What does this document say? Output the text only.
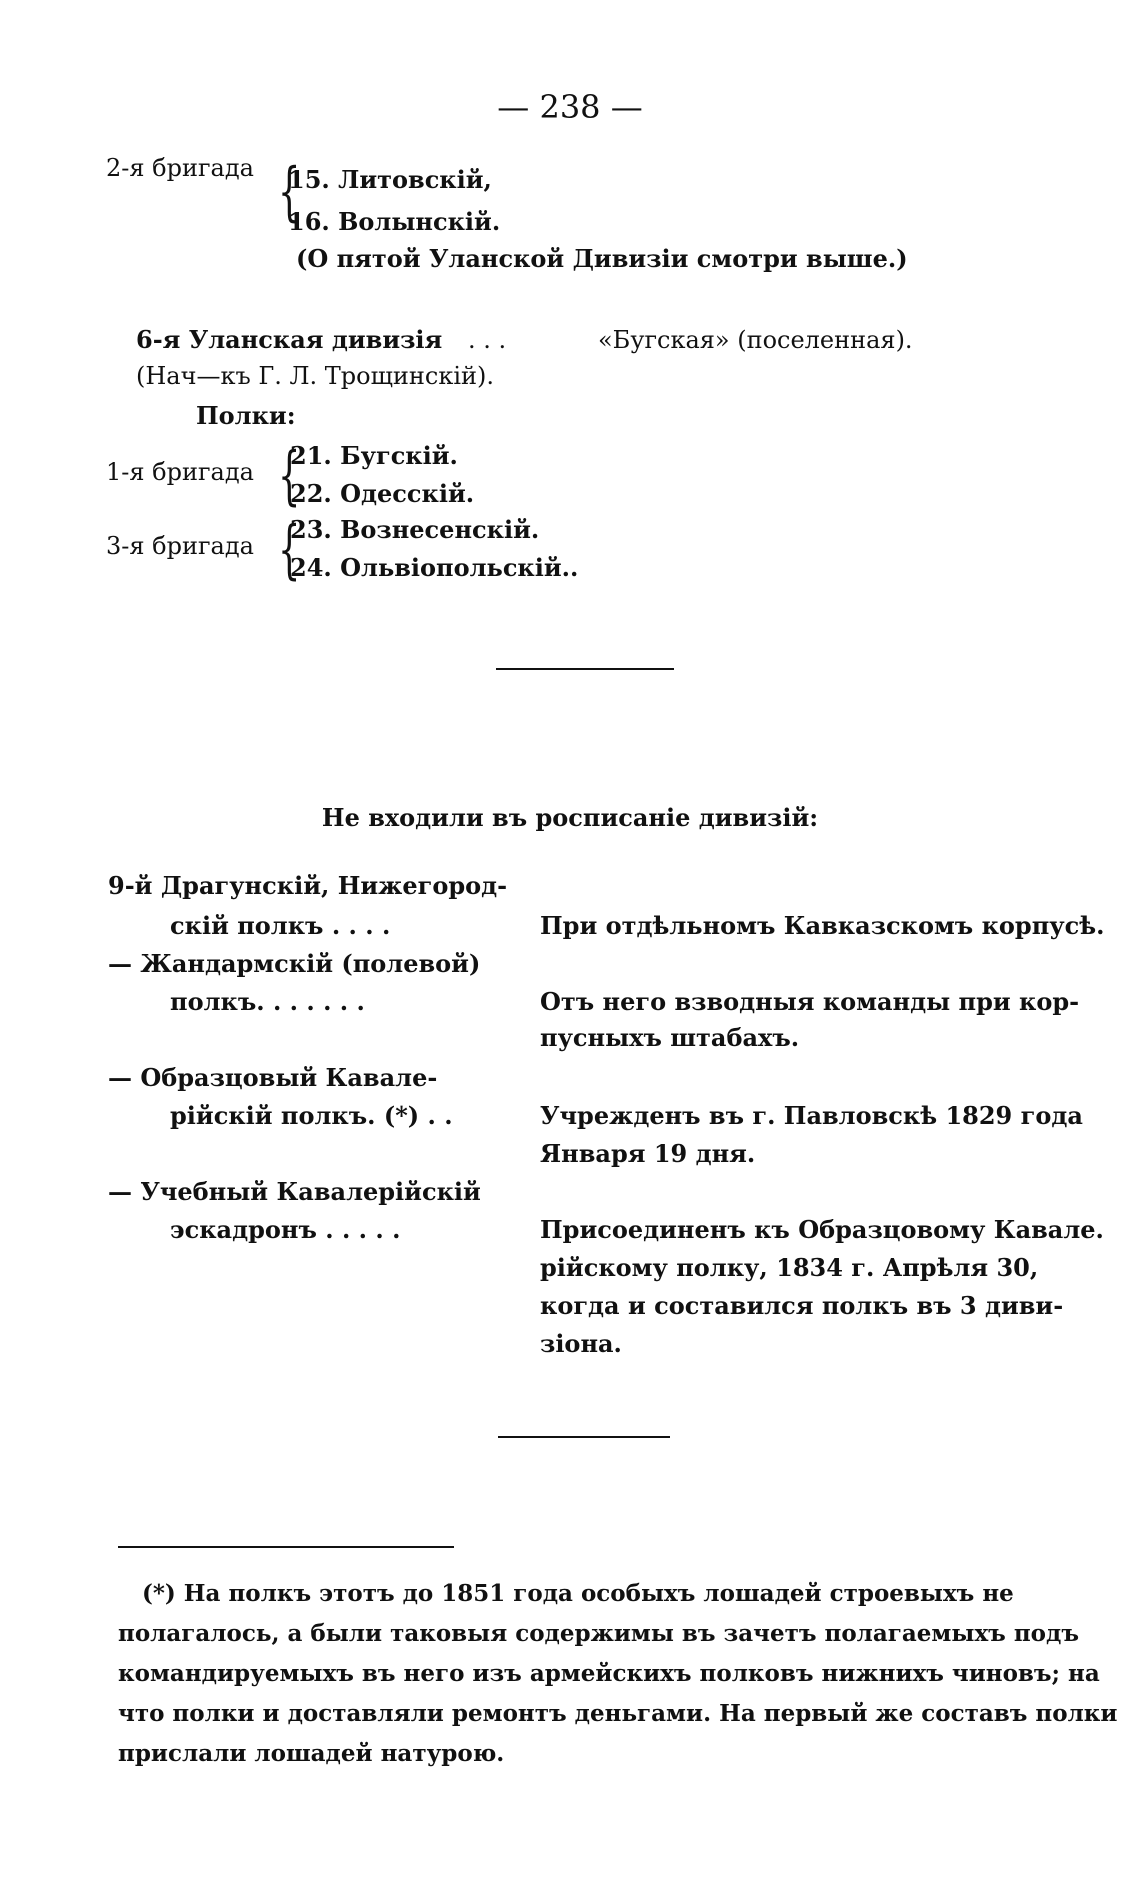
— 238 —
2-я бригада {
15. Литовскій,
16. Волынскій.
(О пятой Уланской Дивизіи смотри выше.)
6-я Уланская дивизія . . .	«Бугская» (поселенная).
(Нач—къ Г. Л. Трощинскій).
Полки:
1-я бригада {
21. Бугскій.
22. Одесскій.
3-я бригада {
23. Вознесенскій.
24. Ольвіопольскій..
Не входили въ росписаніе дивизій:
9-й Драгунскій, Нижегород-
скій полкъ . . . .	При отдѣльномъ Кавказскомъ корпусѣ.
— Жандармскій (полевой)
полкъ. . . . . . .	Отъ него взводныя команды при кор-
пусныхъ штабахъ.
— Образцовый Кавале-
рійскій полкъ. (*) . .	Учрежденъ въ г. Павловскѣ 1829 года
Января 19 дня.
— Учебный Кавалерійскій
эскадронъ . . . . .	Присоединенъ къ Образцовому Кавале.
рійскому полку, 1834 г. Апрѣля 30,
когда и составился полкъ въ 3 диви-
зіона.
(*) На полкъ этотъ до 1851 года особыхъ лошадей строевыхъ не
полагалось, а были таковыя содержимы въ зачетъ полагаемыхъ подъ
командируемыхъ въ него изъ армейскихъ полковъ нижнихъ чиновъ; на
что полки и доставляли ремонтъ деньгами. На первый же составъ полки
прислали лошадей натурою.
